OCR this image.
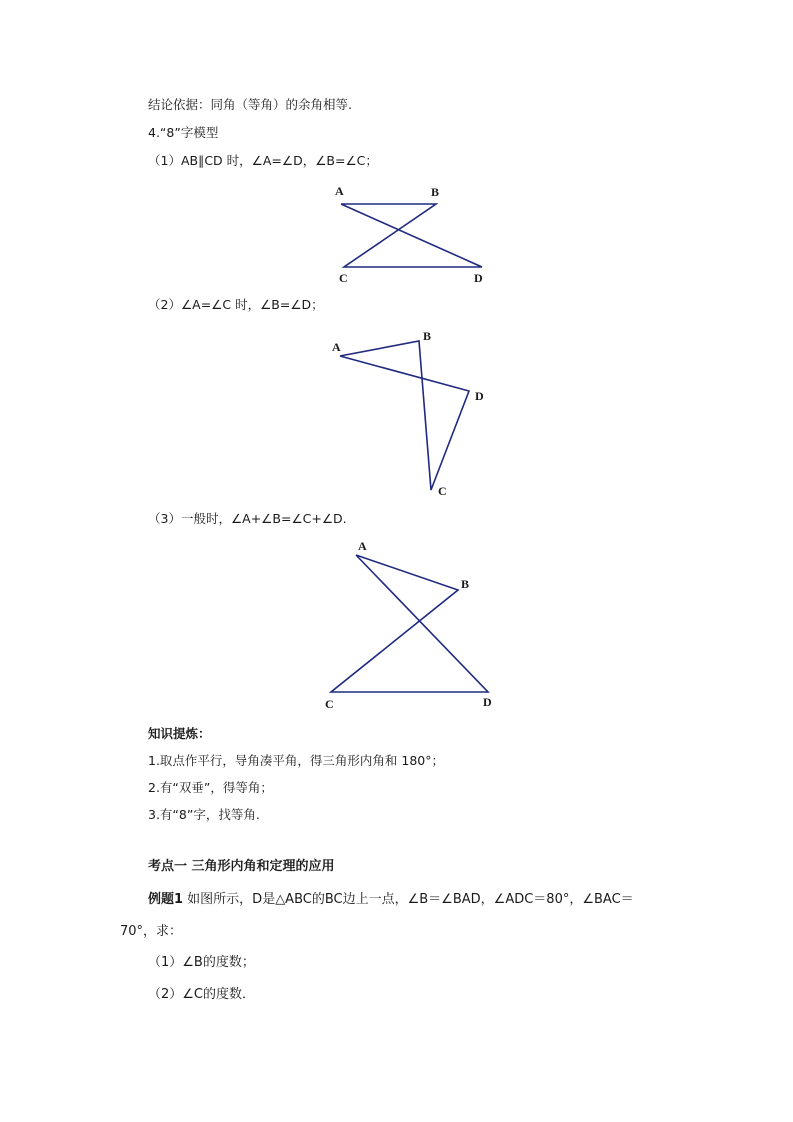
结论依据：同角（等角）的余角相等.
4.“8”字模型
（1）AB∥CD 时，∠A=∠D，∠B=∠C；
A	B
C	D
（2）∠A=∠C 时，∠B=∠D；
A
B
C
D
（3）一般时，∠A+∠B=∠C+∠D.
A
B
C	D
知识提炼：
1.取点作平行，导角凑平角，得三角形内角和 180°；
2.有“双垂”，得等角；
3.有“8”字，找等角.
考点一 三角形内角和定理的应用
例题1 如图所示，D是△ABC的BC边上一点，∠B＝∠BAD，∠ADC＝80°，∠BAC＝
70°，求：
（1）∠B的度数；
（2）∠C的度数．
